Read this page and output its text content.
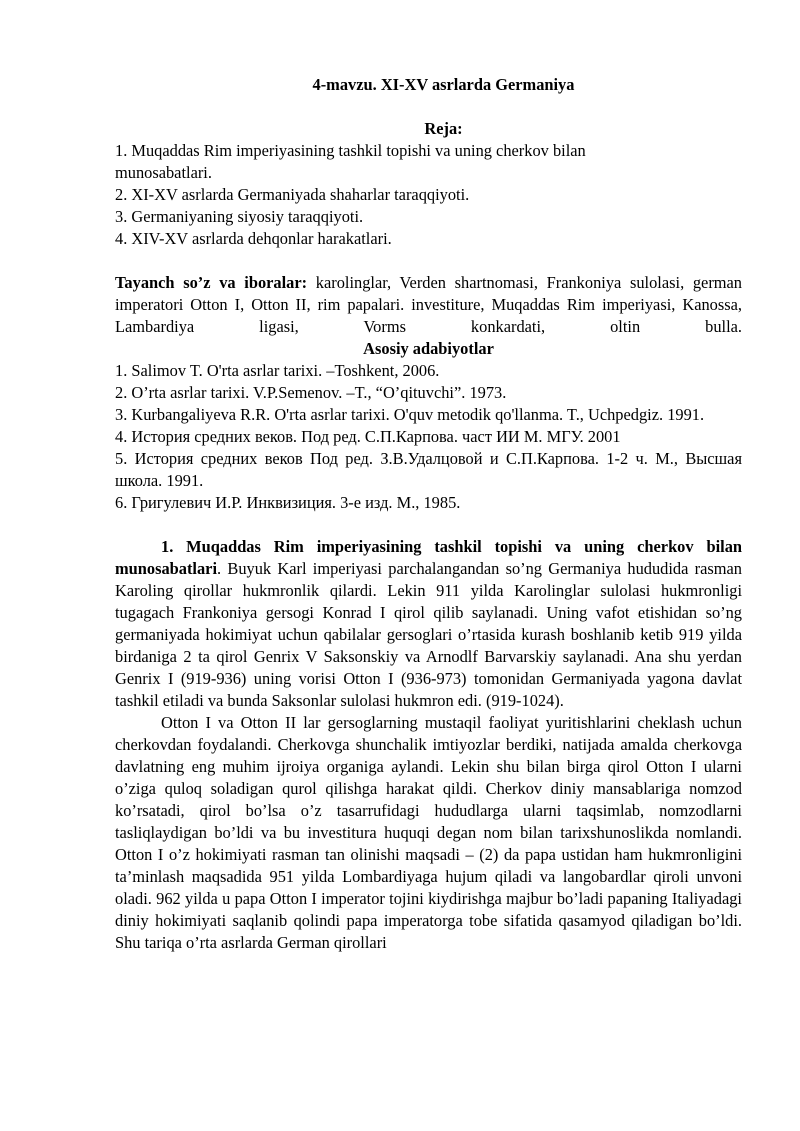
4-mavzu. XI-XV asrlarda Germaniya

Reja:

1. Muqaddas Rim imperiyasining tashkil topishi va uning cherkov bilan munosabatlari.

2. XI-XV asrlarda Germaniyada shaharlar taraqqiyoti.

3. Germaniyaning siyosiy taraqqiyoti.

4. XIV-XV asrlarda dehqonlar harakatlari.

Tayanch so’z va iboralar: karolinglar, Verden shartnomasi, Frankoniya sulolasi, german imperatori Otton I, Otton II, rim papalari. investiture, Muqaddas Rim imperiyasi, Kanossa, Lambardiya ligasi, Vorms konkardati, oltin bulla.

Asosiy adabiyotlar

1. Salimov T. O'rta asrlar tarixi. –Toshkent, 2006.

2. O’rta asrlar tarixi. V.P.Semenov. –T., “O’qituvchi”. 1973.

3. Kurbangaliyeva R.R. O'rta asrlar tarixi. O'quv metodik qo'llanma. T., Uchpedgiz. 1991.

4. История средних веков. Под ред. С.П.Карпова. част ИИ М. МГУ. 2001

5. История средних веков Под ред. З.В.Удалцовой и С.П.Карпова. 1-2 ч. М., Высшая школа. 1991.

6. Григулевич И.Р. Инквизиция. 3-е изд. М., 1985.

1. Muqaddas Rim imperiyasining tashkil topishi va uning cherkov bilan munosabatlari. Buyuk Karl imperiyasi parchalangandan so’ng Germaniya hududida rasman Karoling qirollar hukmronlik qilardi. Lekin 911 yilda Karolinglar sulolasi hukmronligi tugagach Frankoniya gersogi Konrad I qirol qilib saylanadi. Uning vafot etishidan so’ng germaniyada hokimiyat uchun qabilalar gersoglari o’rtasida kurash boshlanib ketib 919 yilda birdaniga 2 ta qirol Genrix V Saksonskiy va Arnodlf Barvarskiy saylanadi. Ana shu yerdan Genrix I (919-936) uning vorisi Otton I (936-973) tomonidan Germaniyada yagona davlat tashkil etiladi va bunda Saksonlar sulolasi hukmron edi. (919-1024).

Otton I va Otton II lar gersoglarning mustaqil faoliyat yuritishlarini cheklash uchun cherkovdan foydalandi. Cherkovga shunchalik imtiyozlar berdiki, natijada amalda cherkovga davlatning eng muhim ijroiya organiga aylandi. Lekin shu bilan birga qirol Otton I ularni o’ziga quloq soladigan qurol qilishga harakat qildi. Cherkov diniy mansablariga nomzod ko’rsatadi, qirol bo’lsa o’z tasarrufidagi hududlarga ularni taqsimlab, nomzodlarni tasliqlaydigan bo’ldi va bu investitura huquqi degan nom bilan tarixshunoslikda nomlandi. Otton I o’z hokimiyati rasman tan olinishi maqsadi – (2) da papa ustidan ham hukmronligini ta’minlash maqsadida 951 yilda Lombardiyaga hujum qiladi va langobardlar qiroli unvoni oladi. 962 yilda u papa Otton I imperator tojini kiydirishga majbur bo’ladi papaning Italiyadagi diniy hokimiyati saqlanib qolindi papa imperatorga tobe sifatida qasamyod qiladigan bo’ldi. Shu tariqa o’rta asrlarda German qirollari
